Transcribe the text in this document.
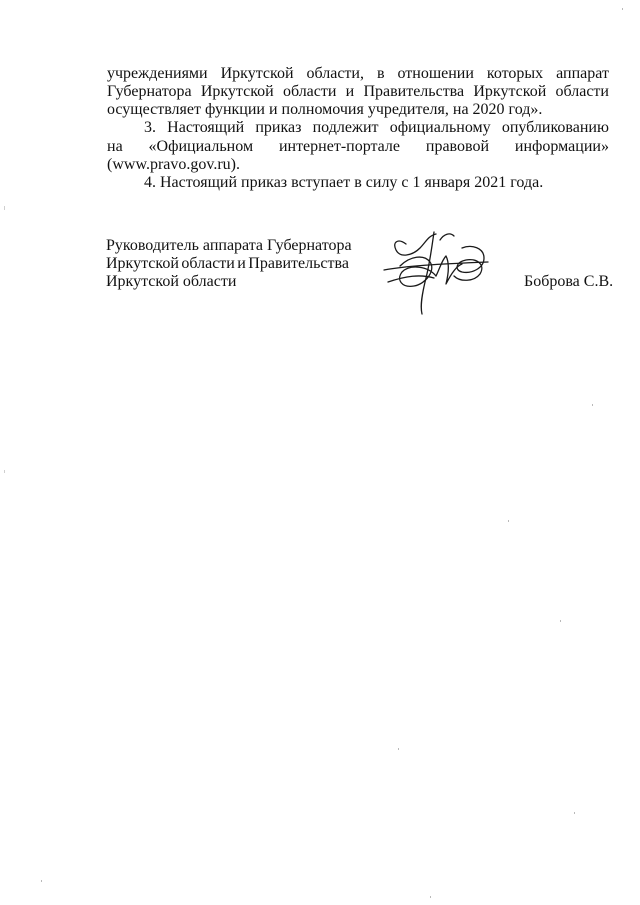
учреждениями Иркутской области, в отношении которых аппарат
Губернатора Иркутской области и Правительства Иркутской области
осуществляет функции и полномочия учредителя, на 2020 год».
3. Настоящий приказ подлежит официальному опубликованию
на «Официальном интернет-портале правовой информации»
(www.pravo.gov.ru).
4. Настоящий приказ вступает в силу с 1 января 2021 года.
Руководитель аппарата Губернатора
Иркутской области и Правительства
Иркутской области	Боброва С.В.
